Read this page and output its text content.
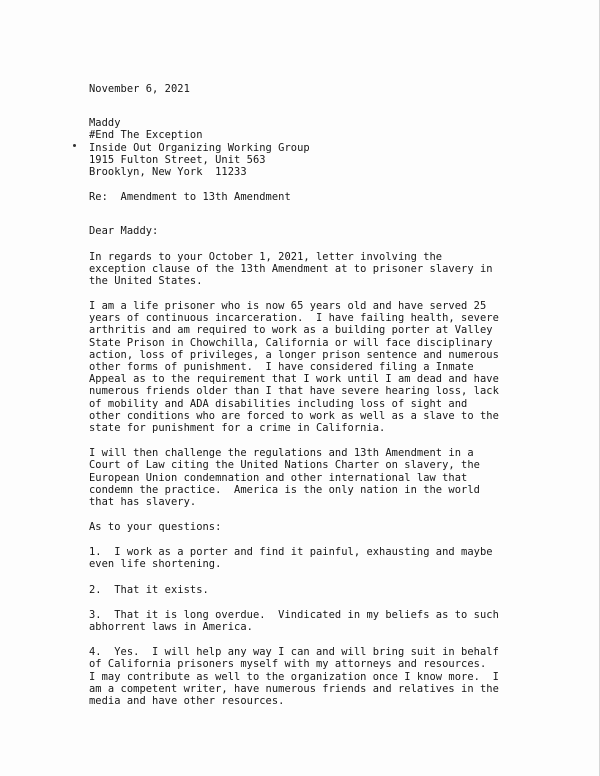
November 6, 2021
Maddy
#End The Exception
Inside Out Organizing Working Group
1915 Fulton Street, Unit 563
Brooklyn, New York  11233
Re:  Amendment to 13th Amendment
Dear Maddy:
In regards to your October 1, 2021, letter involving the
exception clause of the 13th Amendment at to prisoner slavery in
the United States.
I am a life prisoner who is now 65 years old and have served 25
years of continuous incarceration.  I have failing health, severe
arthritis and am required to work as a building porter at Valley
State Prison in Chowchilla, California or will face disciplinary
action, loss of privileges, a longer prison sentence and numerous
other forms of punishment.  I have considered filing a Inmate
Appeal as to the requirement that I work until I am dead and have
numerous friends older than I that have severe hearing loss, lack
of mobility and ADA disabilities including loss of sight and
other conditions who are forced to work as well as a slave to the
state for punishment for a crime in California.
I will then challenge the regulations and 13th Amendment in a
Court of Law citing the United Nations Charter on slavery, the
European Union condemnation and other international law that
condemn the practice.  America is the only nation in the world
that has slavery.
As to your questions:
1.  I work as a porter and find it painful, exhausting and maybe
even life shortening.
2.  That it exists.
3.  That it is long overdue.  Vindicated in my beliefs as to such
abhorrent laws in America.
4.  Yes.  I will help any way I can and will bring suit in behalf
of California prisoners myself with my attorneys and resources.
I may contribute as well to the organization once I know more.  I
am a competent writer, have numerous friends and relatives in the
media and have other resources.
